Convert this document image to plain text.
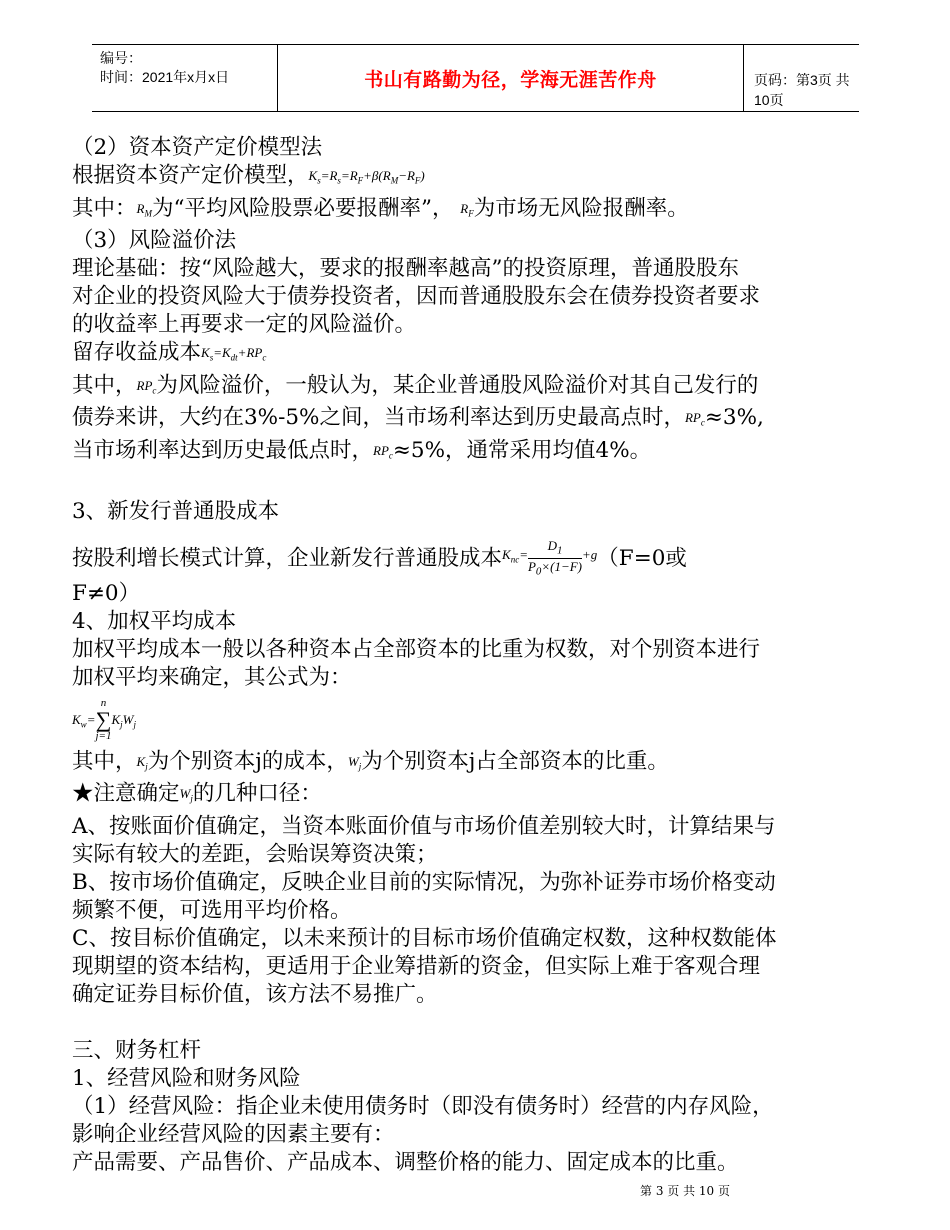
编号：
时间：2021年x月x日	书山有路勤为径，学海无涯苦作舟	页码：第3页 共10页

（2）资本资产定价模型法

根据资本资产定价模型，$K_s=R_s=R_F+\beta(R_M-R_F)$

其中：$R_M$为“平均风险股票必要报酬率”， $R_F$为市场无风险报酬率。

（3）风险溢价法

理论基础：按“风险越大，要求的报酬率越高”的投资原理，普通股股东

对企业的投资风险大于债券投资者，因而普通股股东会在债券投资者要求

的收益率上再要求一定的风险溢价。

留存收益成本$K_s=K_{dt}+RP_c$

其中，$RP_c$为风险溢价，一般认为，某企业普通股风险溢价对其自己发行的

债券来讲，大约在3%-5%之间，当市场利率达到历史最高点时，$RP_c\approx 3\%$,

当市场利率达到历史最低点时，$RP_c\approx 5\%$，通常采用均值4%。

3、新发行普通股成本

按股利增长模式计算，企业新发行普通股成本$^{K_{nc}=} \frac{D_1}{P_0\times(1-F)} ^{+g}(F=0$或

F≠0）

4、加权平均成本

加权平均成本一般以各种资本占全部资本的比重为权数，对个别资本进行

加权平均来确定，其公式为：

$K_w=$
n
∑
j=1
$K_jW_j$

其中，$K_j$为个别资本j的成本，$W_j$为个别资本j占全部资本的比重。

★注意确定$W_j$的几种口径：

A、按账面价值确定，当资本账面价值与市场价值差别较大时，计算结果与

实际有较大的差距，会贻误筹资决策；

B、按市场价值确定，反映企业目前的实际情况，为弥补证券市场价格变动

频繁不便，可选用平均价格。

C、按目标价值确定，以未来预计的目标市场价值确定权数，这种权数能体

现期望的资本结构，更适用于企业筹措新的资金，但实际上难于客观合理

确定证券目标价值，该方法不易推广。

三、财务杠杆

1、经营风险和财务风险

（1）经营风险：指企业未使用债务时（即没有债务时）经营的内存风险，

影响企业经营风险的因素主要有：

产品需要、产品售价、产品成本、调整价格的能力、固定成本的比重。

第 3 页 共 10 页
